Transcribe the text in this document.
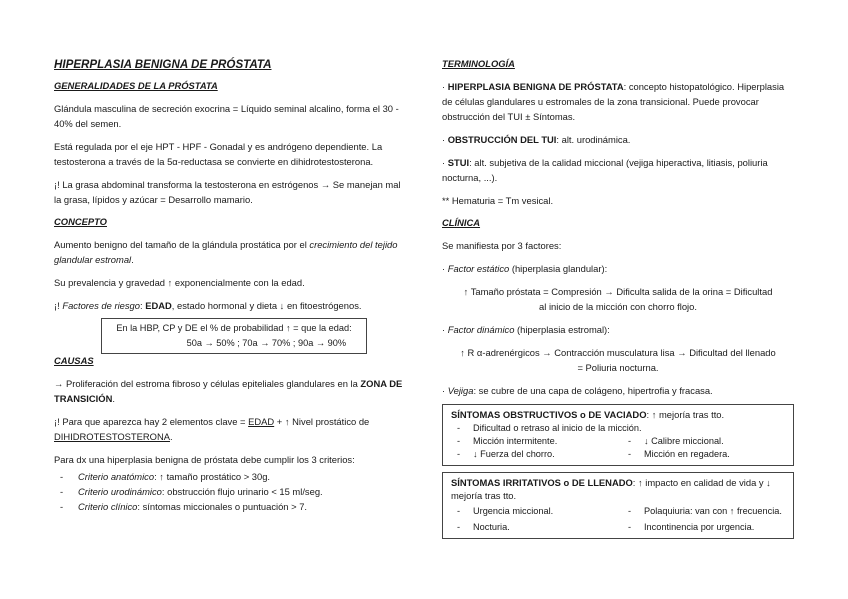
HIPERPLASIA BENIGNA DE PRÓSTATA
GENERALIDADES DE LA PRÓSTATA

Glándula masculina de secreción exocrina = Líquido seminal alcalino, forma el 30 - 40% del semen.

Está regulada por el eje HPT - HPF - Gonadal y es andrógeno dependiente. La testosterona a través de la 5α-reductasa se convierte en dihidrotestosterona.

¡! La grasa abdominal transforma la testosterona en estrógenos → Se manejan mal la grasa, lípidos y azúcar = Desarrollo mamario.

CONCEPTO

Aumento benigno del tamaño de la glándula prostática por el crecimiento del tejido glandular estromal.

Su prevalencia y gravedad ↑ exponencialmente con la edad.

¡! Factores de riesgo: EDAD, estado hormonal y dieta ↓ en fitoestrógenos.

En la HBP, CP y DE el % de probabilidad ↑ = que la edad:
50a → 50% ; 70a → 70% ; 90a → 90%
CAUSAS

→ Proliferación del estroma fibroso y células epiteliales glandulares en la ZONA DE TRANSICIÓN.

¡! Para que aparezca hay 2 elementos clave = EDAD + ↑ Nivel prostático de DIHIDROTESTOSTERONA.

Para dx una hiperplasia benigna de próstata debe cumplir los 3 criterios:

- Criterio anatómico: ↑ tamaño prostático > 30g.
- Criterio urodinámico: obstrucción flujo urinario < 15 ml/seg.
- Criterio clínico: síntomas miccionales o puntuación > 7.
TERMINOLOGÍA

· HIPERPLASIA BENIGNA DE PRÓSTATA: concepto histopatológico. Hiperplasia de células glandulares u estromales de la zona transicional. Puede provocar obstrucción del TUI ± Síntomas.

· OBSTRUCCIÓN DEL TUI: alt. urodinámica.

· STUI: alt. subjetiva de la calidad miccional (vejiga hiperactiva, litiasis, poliuria nocturna, ...).

** Hematuria = Tm vesical.

CLÍNICA

Se manifiesta por 3 factores:

· Factor estático (hiperplasia glandular):

↑ Tamaño próstata = Compresión → Dificulta salida de la orina = Dificultad

al inicio de la micción con chorro flojo.

· Factor dinámico (hiperplasia estromal):

↑ R α-adrenérgicos → Contracción musculatura lisa → Dificultad del llenado

= Poliuria nocturna.

· Vejiga: se cubre de una capa de colágeno, hipertrofia y fracasa.

SÍNTOMAS OBSTRUCTIVOS o DE VACIADO: ↑ mejoría tras tto.
- Dificultad o retraso al inicio de la micción.
- Micción intermitente.	- ↓ Calibre miccional.
- ↓ Fuerza del chorro.	- Micción en regadera.
SÍNTOMAS IRRITATIVOS o DE LLENADO: ↑ impacto en calidad de vida y ↓ mejoría tras tto.
- Urgencia miccional.	- Polaquiuria: van con ↑ frecuencia.
- Nocturia.	- Incontinencia por urgencia.
